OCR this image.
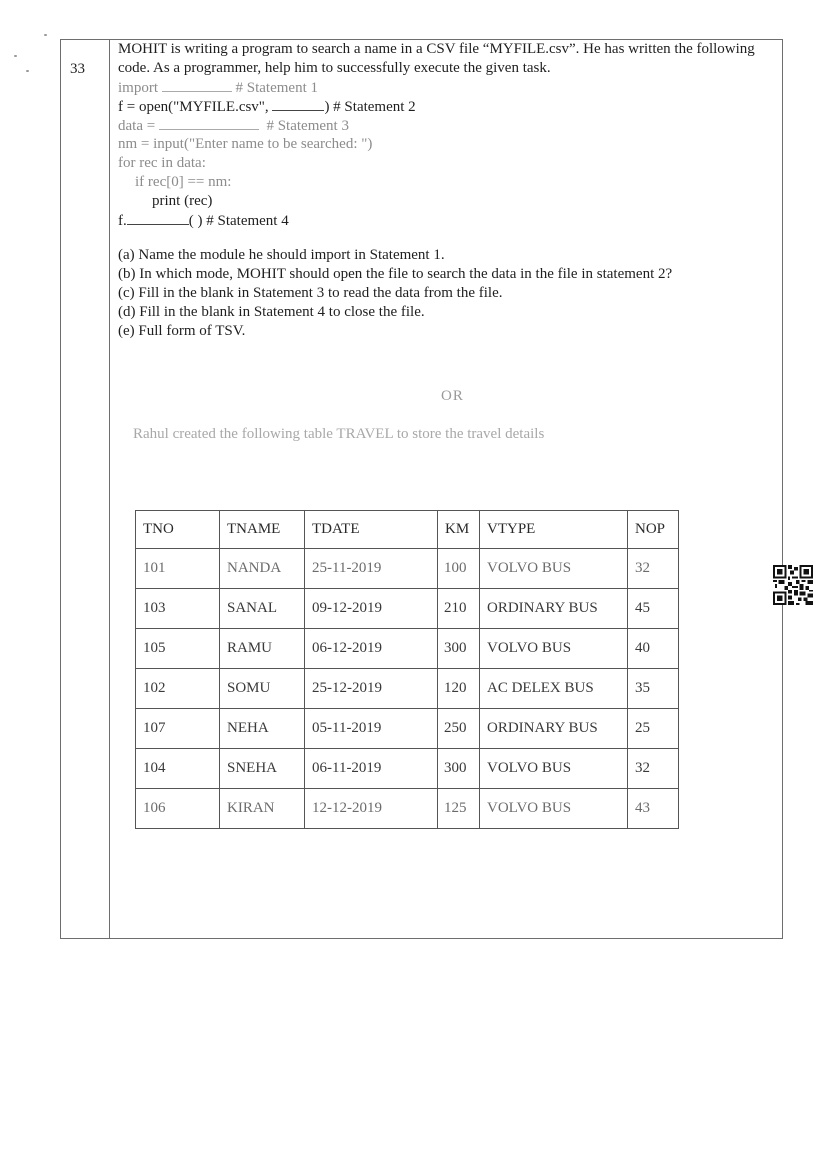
33

MOHIT is writing a program to search a name in a CSV file “MYFILE.csv”. He has written the following code. As a programmer, help him to successfully execute the given task.

import	# Statement 1
f = open("MYFILE.csv",	) # Statement 2
data =	# Statement 3
nm = input("Enter name to be searched: ")
for rec in data:
if rec[0] == nm:
print (rec)
f.	( ) # Statement 4
(a) Name the module he should import in Statement 1.
(b) In which mode, MOHIT should open the file to search the data in the file in statement 2?
(c) Fill in the blank in Statement 3 to read the data from the file.
(d) Fill in the blank in Statement 4 to close the file.
(e) Full form of TSV.
OR
Rahul created the following table TRAVEL to store the travel details
TNO	TNAME	TDATE	KM	VTYPE	NOP
101	NANDA	25-11-2019	100	VOLVO BUS	32
103	SANAL	09-12-2019	210	ORDINARY BUS	45
105	RAMU	06-12-2019	300	VOLVO BUS	40
102	SOMU	25-12-2019	120	AC DELEX BUS	35
107	NEHA	05-11-2019	250	ORDINARY BUS	25
104	SNEHA	06-11-2019	300	VOLVO BUS	32
106	KIRAN	12-12-2019	125	VOLVO BUS	43
